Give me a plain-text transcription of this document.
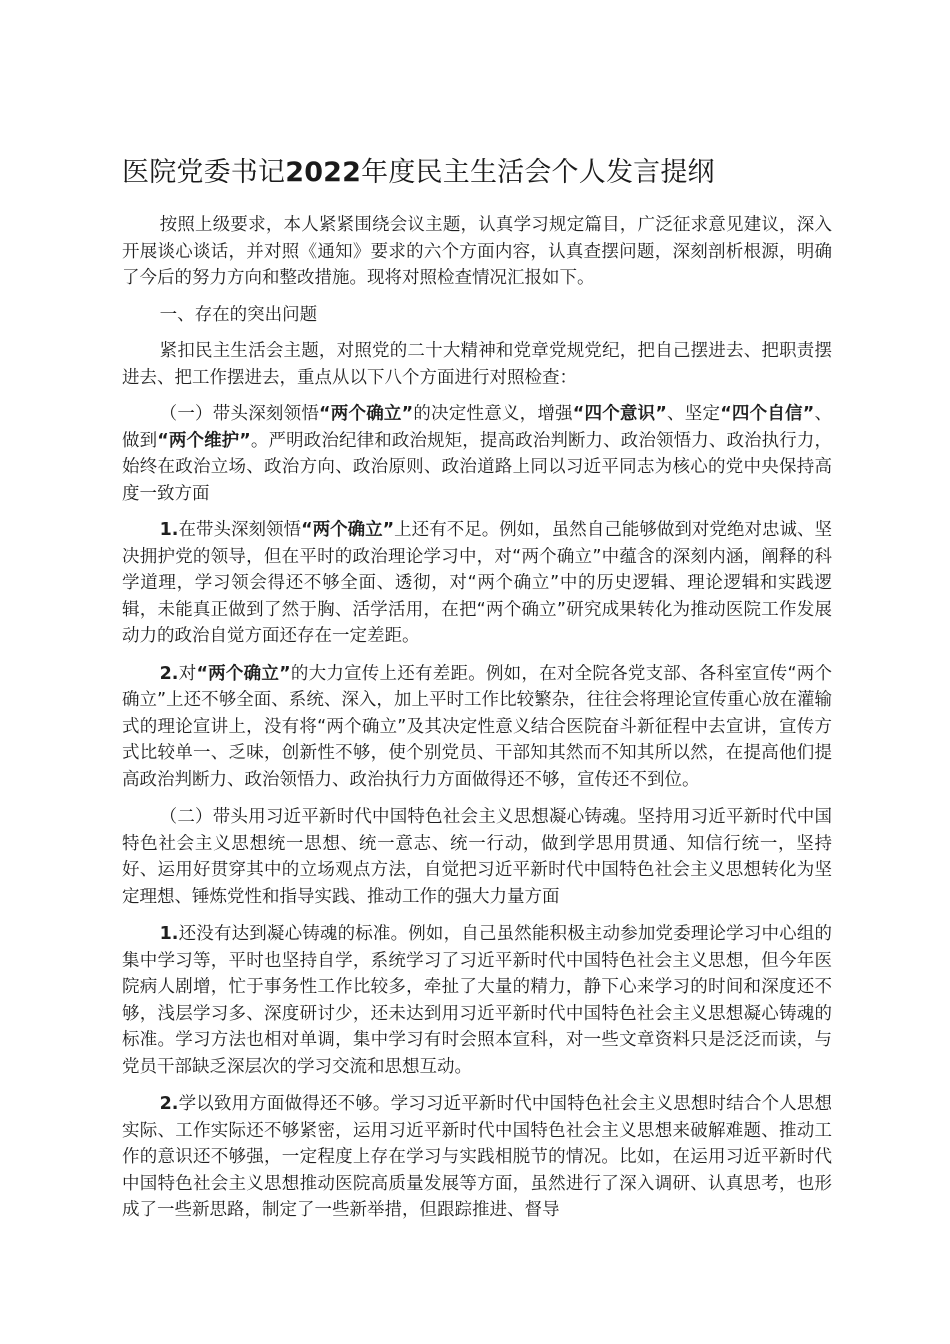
医院党委书记2022年度民主生活会个人发言提纲

按照上级要求，本人紧紧围绕会议主题，认真学习规定篇目，广泛征求意见建议，深入开展谈心谈话，并对照《通知》要求的六个方面内容，认真查摆问题，深刻剖析根源，明确了今后的努力方向和整改措施。现将对照检查情况汇报如下。

一、存在的突出问题

紧扣民主生活会主题，对照党的二十大精神和党章党规党纪，把自己摆进去、把职责摆进去、把工作摆进去，重点从以下八个方面进行对照检查：

（一）带头深刻领悟“两个确立”的决定性意义，增强“四个意识”、坚定“四个自信”、做到“两个维护”。严明政治纪律和政治规矩，提高政治判断力、政治领悟力、政治执行力，始终在政治立场、政治方向、政治原则、政治道路上同以习近平同志为核心的党中央保持高度一致方面

1.在带头深刻领悟“两个确立”上还有不足。例如，虽然自己能够做到对党绝对忠诚、坚决拥护党的领导，但在平时的政治理论学习中，对“两个确立”中蕴含的深刻内涵，阐释的科学道理，学习领会得还不够全面、透彻，对“两个确立”中的历史逻辑、理论逻辑和实践逻辑，未能真正做到了然于胸、活学活用，在把“两个确立”研究成果转化为推动医院工作发展动力的政治自觉方面还存在一定差距。

2.对“两个确立”的大力宣传上还有差距。例如，在对全院各党支部、各科室宣传“两个确立”上还不够全面、系统、深入，加上平时工作比较繁杂，往往会将理论宣传重心放在灌输式的理论宣讲上，没有将“两个确立”及其决定性意义结合医院奋斗新征程中去宣讲，宣传方式比较单一、乏味，创新性不够，使个别党员、干部知其然而不知其所以然，在提高他们提高政治判断力、政治领悟力、政治执行力方面做得还不够，宣传还不到位。

（二）带头用习近平新时代中国特色社会主义思想凝心铸魂。坚持用习近平新时代中国特色社会主义思想统一思想、统一意志、统一行动，做到学思用贯通、知信行统一，坚持好、运用好贯穿其中的立场观点方法，自觉把习近平新时代中国特色社会主义思想转化为坚定理想、锤炼党性和指导实践、推动工作的强大力量方面

1.还没有达到凝心铸魂的标准。例如，自己虽然能积极主动参加党委理论学习中心组的集中学习等，平时也坚持自学，系统学习了习近平新时代中国特色社会主义思想，但今年医院病人剧增，忙于事务性工作比较多，牵扯了大量的精力，静下心来学习的时间和深度还不够，浅层学习多、深度研讨少，还未达到用习近平新时代中国特色社会主义思想凝心铸魂的标准。学习方法也相对单调，集中学习有时会照本宣科，对一些文章资料只是泛泛而读，与党员干部缺乏深层次的学习交流和思想互动。

2.学以致用方面做得还不够。学习习近平新时代中国特色社会主义思想时结合个人思想实际、工作实际还不够紧密，运用习近平新时代中国特色社会主义思想来破解难题、推动工作的意识还不够强，一定程度上存在学习与实践相脱节的情况。比如，在运用习近平新时代中国特色社会主义思想推动医院高质量发展等方面，虽然进行了深入调研、认真思考，也形成了一些新思路，制定了一些新举措，但跟踪推进、督导
